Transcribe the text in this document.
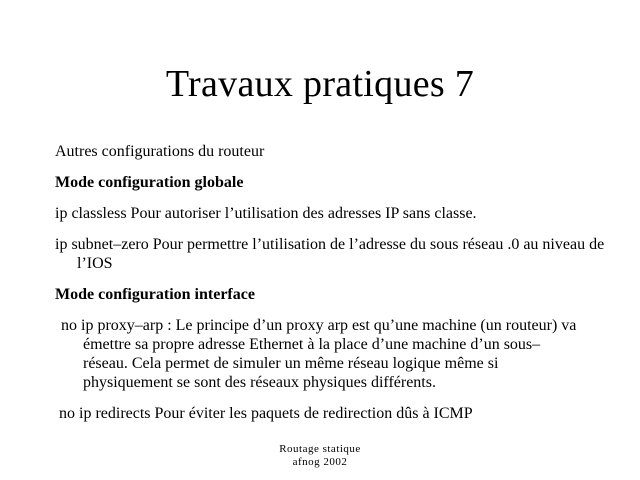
Travaux pratiques 7

Autres configurations du routeur

Mode configuration globale

ip classless Pour autoriser l’utilisation des adresses IP sans classe.

ip subnet–zero Pour permettre l’utilisation de l’adresse du sous réseau .0 au niveau de l’IOS

Mode configuration interface

no ip proxy–arp : Le principe d’un proxy arp est qu’une machine (un routeur) va émettre sa propre adresse Ethernet à la place d’une machine d’un sous–réseau. Cela permet de simuler un même réseau logique même si physiquement se sont des réseaux physiques différents.

no ip redirects Pour éviter les paquets de redirection dûs à ICMP

Routage statique
afnog 2002
